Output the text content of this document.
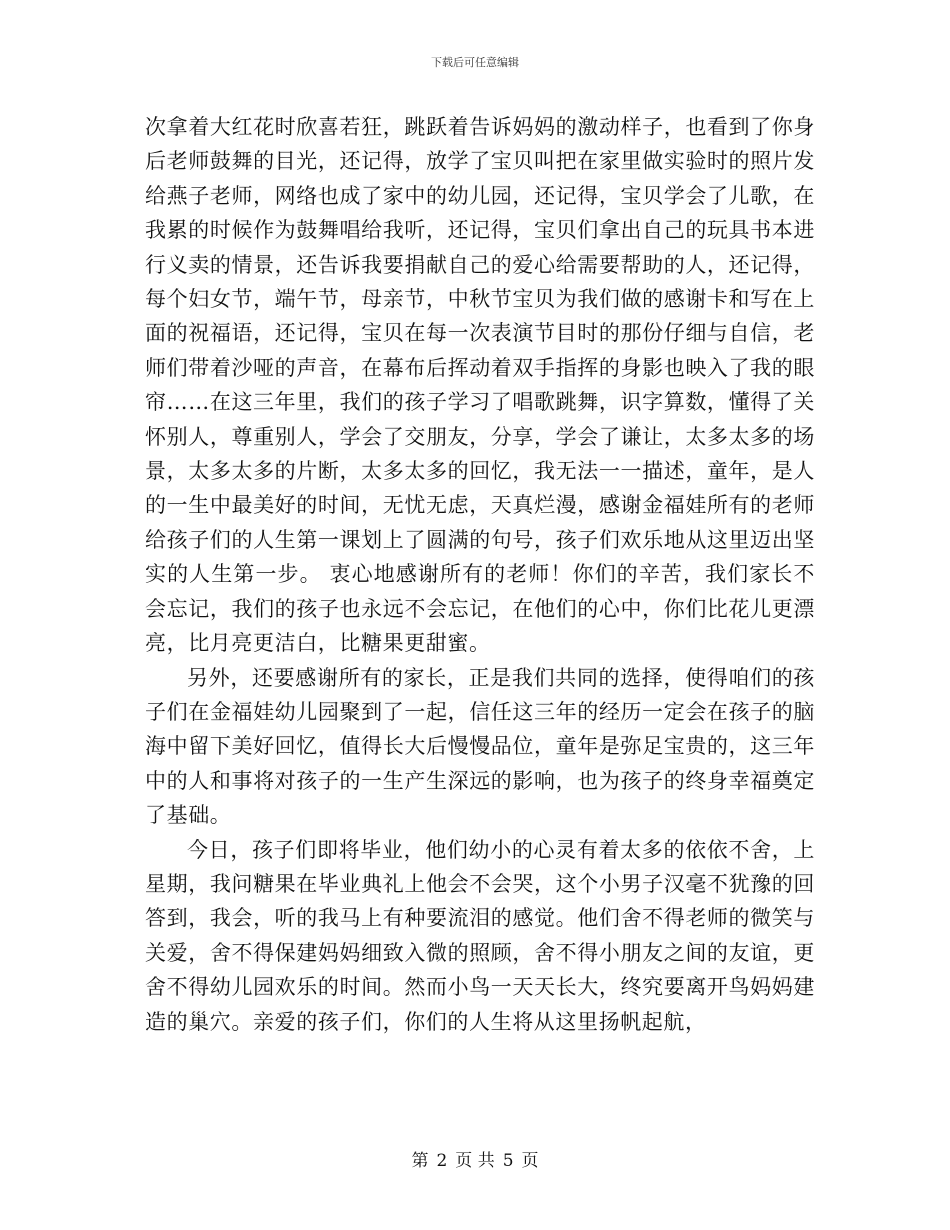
下载后可任意编辑

次拿着大红花时欣喜若狂，跳跃着告诉妈妈的激动样子，也看到了你身后老师鼓舞的目光，还记得，放学了宝贝叫把在家里做实验时的照片发给燕子老师，网络也成了家中的幼儿园，还记得，宝贝学会了儿歌，在我累的时候作为鼓舞唱给我听，还记得，宝贝们拿出自己的玩具书本进行义卖的情景，还告诉我要捐献自己的爱心给需要帮助的人，还记得，每个妇女节，端午节，母亲节，中秋节宝贝为我们做的感谢卡和写在上面的祝福语，还记得，宝贝在每一次表演节目时的那份仔细与自信，老师们带着沙哑的声音，在幕布后挥动着双手指挥的身影也映入了我的眼帘……在这三年里，我们的孩子学习了唱歌跳舞，识字算数，懂得了关怀别人，尊重别人，学会了交朋友，分享，学会了谦让，太多太多的场景，太多太多的片断，太多太多的回忆，我无法一一描述，童年，是人的一生中最美好的时间，无忧无虑，天真烂漫，感谢金福娃所有的老师给孩子们的人生第一课划上了圆满的句号，孩子们欢乐地从这里迈出坚实的人生第一步。 衷心地感谢所有的老师！你们的辛苦，我们家长不会忘记，我们的孩子也永远不会忘记，在他们的心中，你们比花儿更漂亮，比月亮更洁白，比糖果更甜蜜。

另外，还要感谢所有的家长，正是我们共同的选择，使得咱们的孩子们在金福娃幼儿园聚到了一起，信任这三年的经历一定会在孩子的脑海中留下美好回忆，值得长大后慢慢品位，童年是弥足宝贵的，这三年中的人和事将对孩子的一生产生深远的影响，也为孩子的终身幸福奠定了基础。

今日，孩子们即将毕业，他们幼小的心灵有着太多的依依不舍，上星期，我问糖果在毕业典礼上他会不会哭，这个小男子汉毫不犹豫的回答到，我会，听的我马上有种要流泪的感觉。他们舍不得老师的微笑与关爱，舍不得保建妈妈细致入微的照顾，舍不得小朋友之间的友谊，更舍不得幼儿园欢乐的时间。然而小鸟一天天长大，终究要离开鸟妈妈建造的巢穴。亲爱的孩子们，你们的人生将从这里扬帆起航，

第 2 页 共 5 页
